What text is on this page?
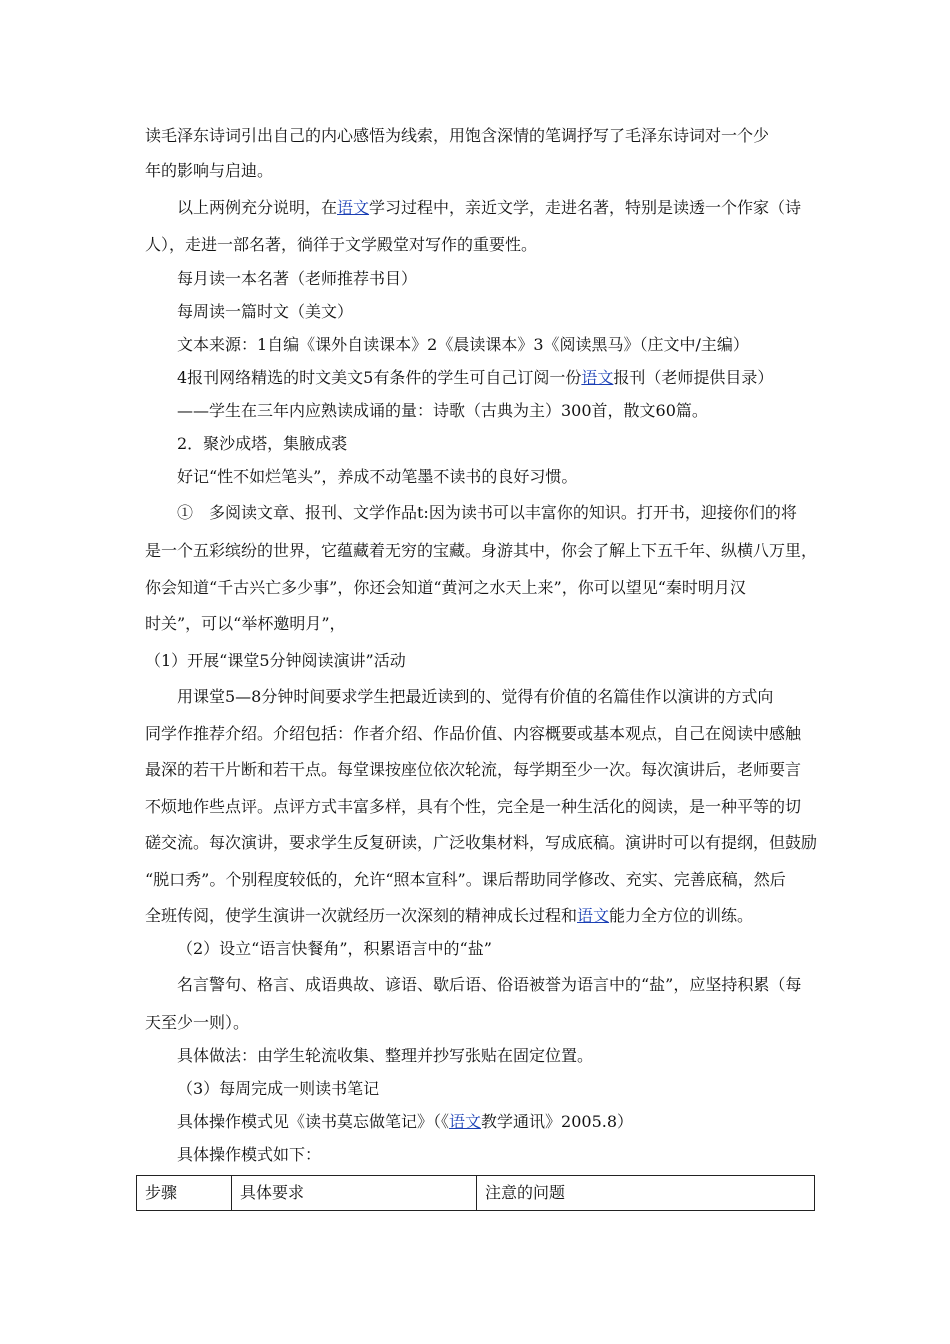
读毛泽东诗词引出自己的内心感悟为线索，用饱含深情的笔调抒写了毛泽东诗词对一个少
年的影响与启迪。
以上两例充分说明，在语文学习过程中，亲近文学，走进名著，特别是读透一个作家（诗
人），走进一部名著，徜徉于文学殿堂对写作的重要性。
每月读一本名著（老师推荐书目）
每周读一篇时文（美文）
文本来源：1自编《课外自读课本》2《晨读课本》3《阅读黑马》（庄文中/主编）
4报刊网络精选的时文美文5有条件的学生可自己订阅一份语文报刊（老师提供目录）
——学生在三年内应熟读成诵的量：诗歌（古典为主）300首，散文60篇。
2．聚沙成塔，集腋成裘
好记“性不如烂笔头”，养成不动笔墨不读书的良好习惯。
①　多阅读文章、报刊、文学作品t:因为读书可以丰富你的知识。打开书，迎接你们的将
是一个五彩缤纷的世界，它蕴藏着无穷的宝藏。身游其中，你会了解上下五千年、纵横八万里，
你会知道“千古兴亡多少事”，你还会知道“黄河之水天上来”，你可以望见“秦时明月汉
时关”，可以“举杯邀明月”，
（1）开展“课堂5分钟阅读演讲”活动
用课堂5—8分钟时间要求学生把最近读到的、觉得有价值的名篇佳作以演讲的方式向
同学作推荐介绍。介绍包括：作者介绍、作品价值、内容概要或基本观点，自己在阅读中感触
最深的若干片断和若干点。每堂课按座位依次轮流，每学期至少一次。每次演讲后，老师要言
不烦地作些点评。点评方式丰富多样，具有个性，完全是一种生活化的阅读，是一种平等的切
磋交流。每次演讲，要求学生反复研读，广泛收集材料，写成底稿。演讲时可以有提纲，但鼓励
“脱口秀”。个别程度较低的，允许“照本宣科”。课后帮助同学修改、充实、完善底稿，然后
全班传阅，使学生演讲一次就经历一次深刻的精神成长过程和语文能力全方位的训练。
（2）设立“语言快餐角”，积累语言中的“盐”
名言警句、格言、成语典故、谚语、歇后语、俗语被誉为语言中的“盐”，应坚持积累（每
天至少一则）。
具体做法：由学生轮流收集、整理并抄写张贴在固定位置。
（3）每周完成一则读书笔记
具体操作模式见《读书莫忘做笔记》（《语文教学通讯》2005.8）
具体操作模式如下：
步骤	具体要求	注意的问题
